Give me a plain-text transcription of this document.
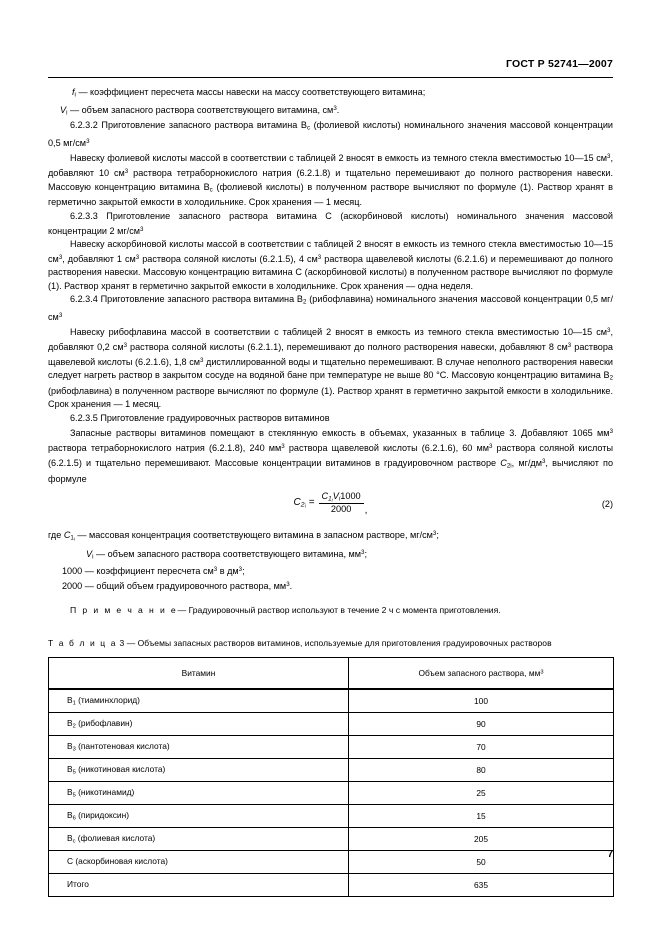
ГОСТ Р 52741—2007

$f_i$ — коэффициент пересчета массы навески на массу соответствующего витамина;

$V_i$ — объем запасного раствора соответствующего витамина, $см^3$.

6.2.3.2 Приготовление запасного раствора витамина $В_с$ (фолиевой кислоты) номинального значения массовой концентрации 0,5 $мг/см^3$

Навеску фолиевой кислоты массой в соответствии с таблицей 2 вносят в емкость из темного стекла вместимостью 10—15 $см^3$, добавляют 10 $см^3$ раствора тетраборнокислого натрия (6.2.1.8) и тщательно перемешивают до полного растворения навески. Массовую концентрацию витамина $В_с$ (фолиевой кислоты) в полученном растворе вычисляют по формуле (1). Раствор хранят в герметично закрытой емкости в холодильнике. Срок хранения — 1 месяц.

6.2.3.3 Приготовление запасного раствора витамина С (аскорбиновой кислоты) номинального значения массовой концентрации 2 $мг/см^3$

Навеску аскорбиновой кислоты массой в соответствии с таблицей 2 вносят в емкость из темного стекла вместимостью 10—15 $см^3$, добавляют 1 $см^3$ раствора соляной кислоты (6.2.1.5), 4 $см^3$ раствора щавелевой кислоты (6.2.1.6) и перемешивают до полного растворения навески. Массовую концентрацию витамина С (аскорбиновой кислоты) в полученном растворе вычисляют по формуле (1). Раствор хранят в герметично закрытой емкости в холодильнике. Срок хранения — одна неделя.

6.2.3.4 Приготовление запасного раствора витамина $В_2$ (рибофлавина) номинального значения массовой концентрации 0,5 $мг/см^3$

Навеску рибофлавина массой в соответствии с таблицей 2 вносят в емкость из темного стекла вместимостью 10—15 $см^3$, добавляют 0,2 $см^3$ раствора соляной кислоты (6.2.1.1), перемешивают до полного растворения навески, добавляют 8 $см^3$ раствора щавелевой кислоты (6.2.1.6), 1,8 $см^3$ дистиллированной воды и тщательно перемешивают. В случае неполного растворения навески следует нагреть раствор в закрытом сосуде на водяной бане при температуре не выше 80 °С. Массовую концентрацию витамина $В_2$ (рибофлавина) в полученном растворе вычисляют по формуле (1). Раствор хранят в герметично закрытой емкости в холодильнике. Срок хранения — 1 месяц.

6.2.3.5 Приготовление градуировочных растворов витаминов

Запасные растворы витаминов помещают в стеклянную емкость в объемах, указанных в таблице 3. Добавляют 1065 $мм^3$ раствора тетраборнокислого натрия (6.2.1.8), 240 $мм^3$ раствора щавелевой кислоты (6.2.1.6), 60 $мм^3$ раствора соляной кислоты (6.2.1.5) и тщательно перемешивают. Массовые концентрации витаминов в градуировочном растворе $C_{2i}$, $мг/дм^3$, вычисляют по формуле

$C_{2i} = \frac{C_{1i}V_i1000}{2000}$ ,
(2)

где $C_{1i}$ — массовая концентрация соответствующего витамина в запасном растворе, $мг/см^3$;

$V_i$ — объем запасного раствора соответствующего витамина, $мм^3$;

1000 — коэффициент пересчета $см^3$ в $дм^3$;

2000 — общий объем градуировочного раствора, $мм^3$.

П р и м е ч а н и е— Градуировочный раствор используют в течение 2 ч с момента приготовления.

Т а б л и ц а 3 — Объемы запасных растворов витаминов, используемые для приготовления градуировочных растворов

Витамин	Объем запасного раствора, $мм^3$
$В_1$ (тиаминхлорид)	100
$В_2$ (рибофлавин)	90
$В_3$ (пантотеновая кислота)	70
$В_5$ (никотиновая кислота)	80
$В_5$ (никотинамид)	25
$В_6$ (пиридоксин)	15
$В_с$ (фолиевая кислота)	205
С (аскорбиновая кислота)	50
Итого	635
7
